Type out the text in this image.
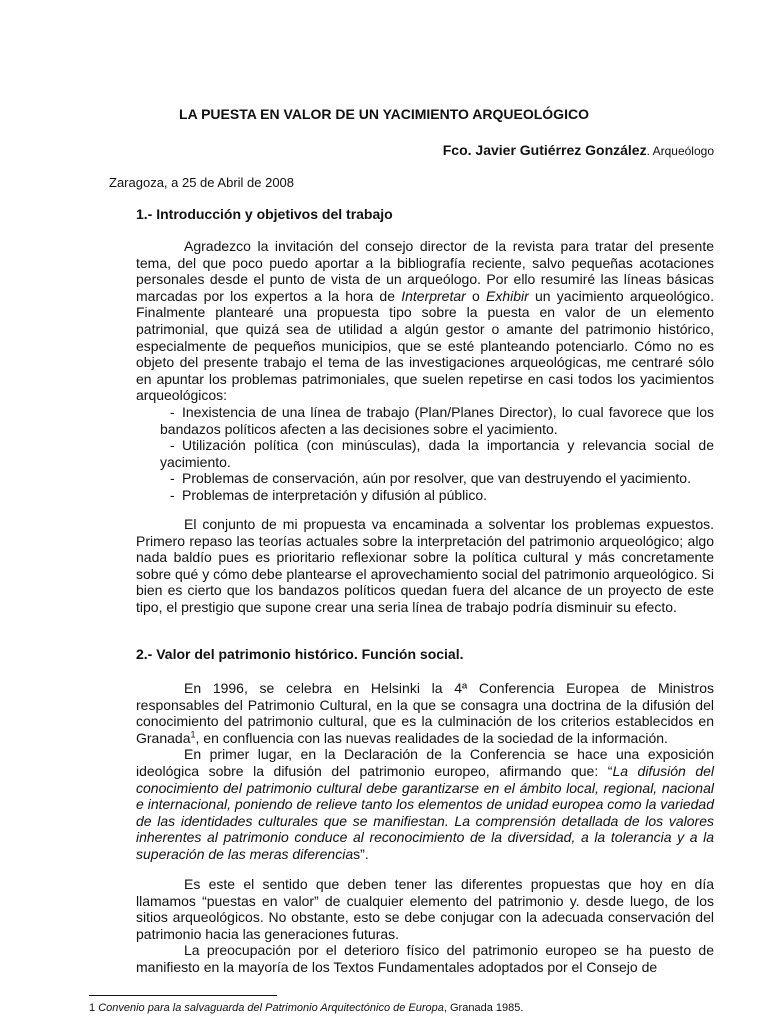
LA PUESTA EN VALOR DE UN YACIMIENTO ARQUEOLÓGICO
Fco. Javier Gutiérrez González. Arqueólogo
Zaragoza, a 25 de Abril de 2008
1.- Introducción y objetivos del trabajo

Agradezco la invitación del consejo director de la revista para tratar del presente tema, del que poco puedo aportar a la bibliografía reciente, salvo pequeñas acotaciones personales desde el punto de vista de un arqueólogo. Por ello resumiré las líneas básicas marcadas por los expertos a la hora de Interpretar o Exhibir un yacimiento arqueológico. Finalmente plantearé una propuesta tipo sobre la puesta en valor de un elemento patrimonial, que quizá sea de utilidad a algún gestor o amante del patrimonio histórico, especialmente de pequeños municipios, que se esté planteando potenciarlo. Cómo no es objeto del presente trabajo el tema de las investigaciones arqueológicas, me centraré sólo en apuntar los problemas patrimoniales, que suelen repetirse en casi todos los yacimientos arqueológicos:

- Inexistencia de una línea de trabajo (Plan/Planes Director), lo cual favorece que los bandazos políticos afecten a las decisiones sobre el yacimiento.
- Utilización política (con minúsculas), dada la importancia y relevancia social de yacimiento.
- Problemas de conservación, aún por resolver, que van destruyendo el yacimiento.
- Problemas de interpretación y difusión al público.

El conjunto de mi propuesta va encaminada a solventar los problemas expuestos. Primero repaso las teorías actuales sobre la interpretación del patrimonio arqueológico; algo nada baldío pues es prioritario reflexionar sobre la política cultural y más concretamente sobre qué y cómo debe plantearse el aprovechamiento social del patrimonio arqueológico. Si bien es cierto que los bandazos políticos quedan fuera del alcance de un proyecto de este tipo, el prestigio que supone crear una seria línea de trabajo podría disminuir su efecto.

2.- Valor del patrimonio histórico. Función social.

En 1996, se celebra en Helsinki la 4ª Conferencia Europea de Ministros responsables del Patrimonio Cultural, en la que se consagra una doctrina de la difusión del conocimiento del patrimonio cultural, que es la culminación de los criterios establecidos en Granada$^1$, en confluencia con las nuevas realidades de la sociedad de la información.

En primer lugar, en la Declaración de la Conferencia se hace una exposición ideológica sobre la difusión del patrimonio europeo, afirmando que: “La difusión del conocimiento del patrimonio cultural debe garantizarse en el ámbito local, regional, nacional e internacional, poniendo de relieve tanto los elementos de unidad europea como la variedad de las identidades culturales que se manifiestan. La comprensión detallada de los valores inherentes al patrimonio conduce al reconocimiento de la diversidad, a la tolerancia y a la superación de las meras diferencias”.

Es este el sentido que deben tener las diferentes propuestas que hoy en día llamamos “puestas en valor” de cualquier elemento del patrimonio y. desde luego, de los sitios arqueológicos. No obstante, esto se debe conjugar con la adecuada conservación del patrimonio hacia las generaciones futuras.

La preocupación por el deterioro físico del patrimonio europeo se ha puesto de manifiesto en la mayoría de los Textos Fundamentales adoptados por el Consejo de

1 Convenio para la salvaguarda del Patrimonio Arquitectónico de Europa, Granada 1985.
